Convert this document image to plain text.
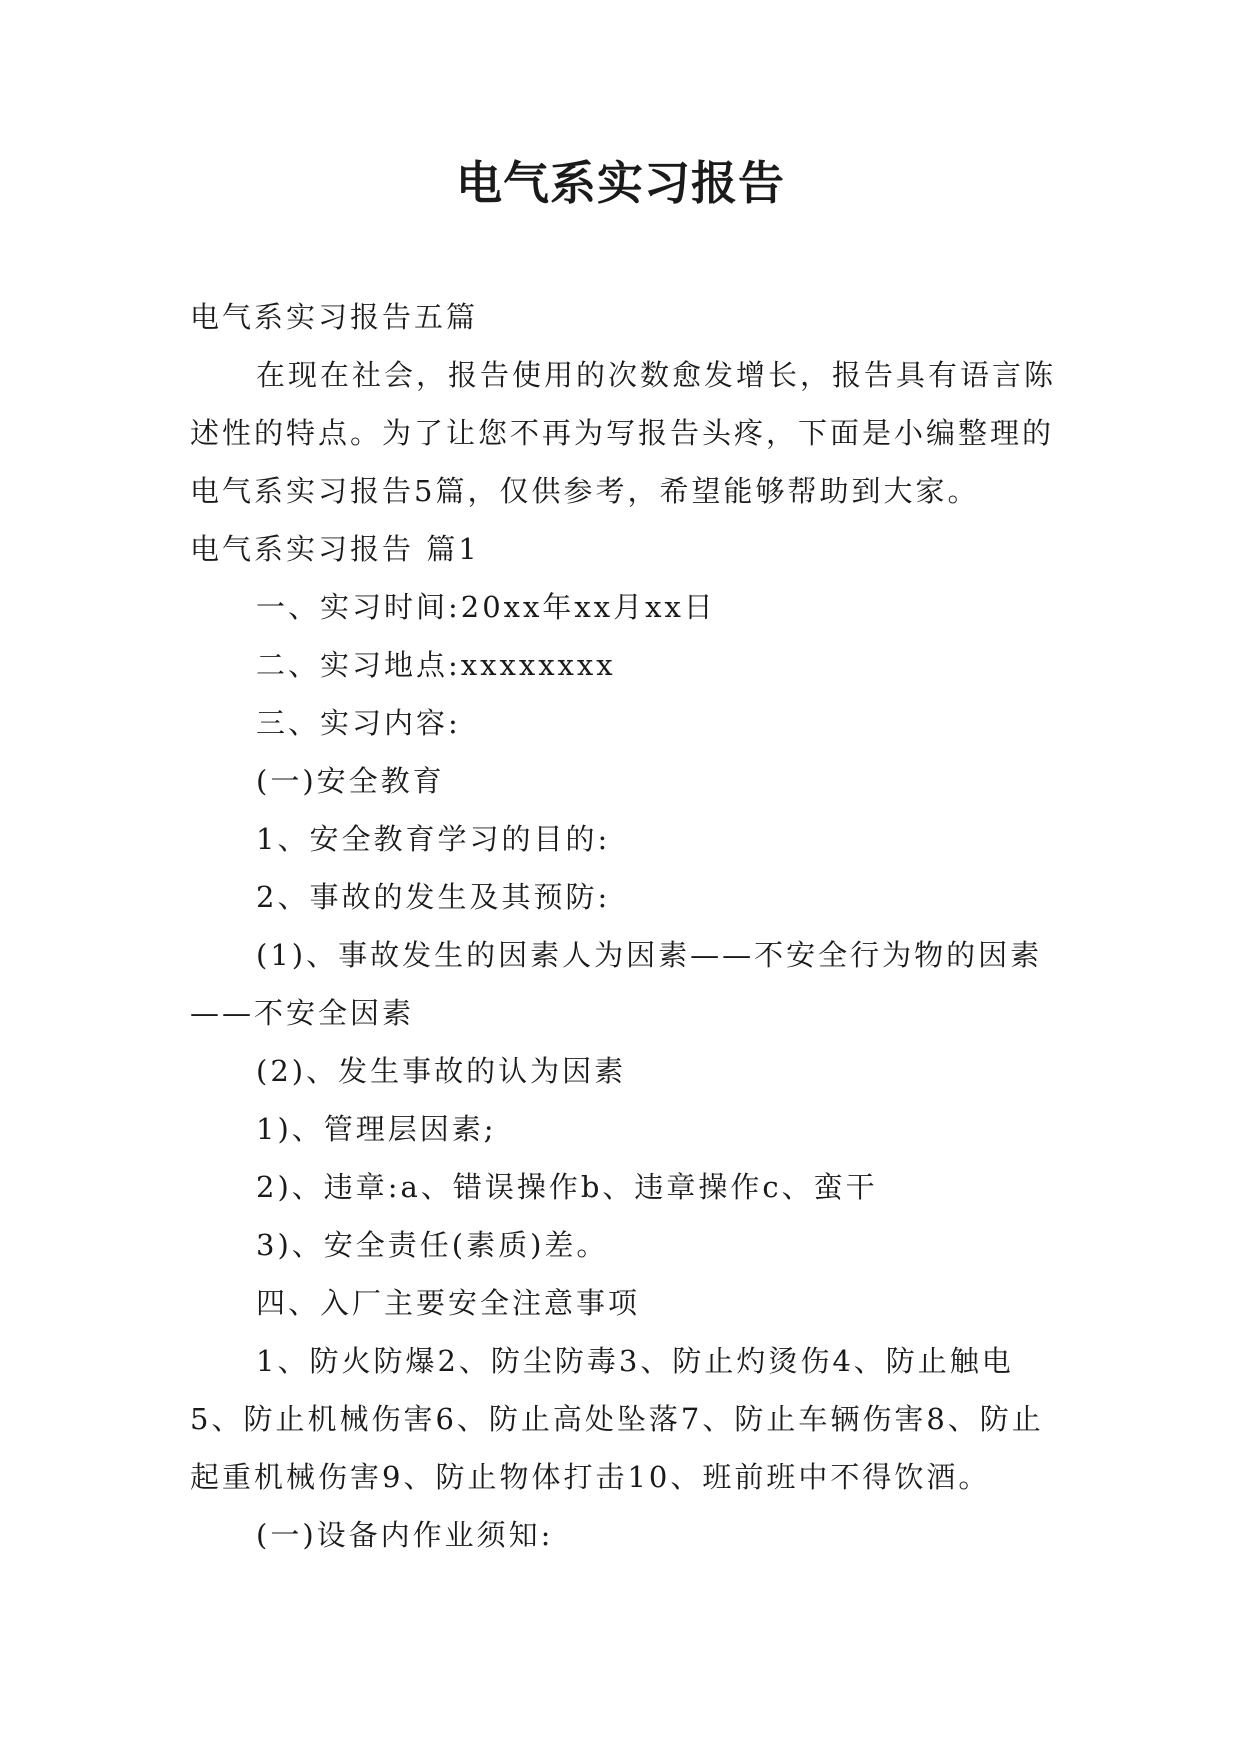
电气系实习报告

电气系实习报告五篇

在现在社会，报告使用的次数愈发增长，报告具有语言陈述性的特点。为了让您不再为写报告头疼，下面是小编整理的电气系实习报告5篇，仅供参考，希望能够帮助到大家。

电气系实习报告 篇1

一、实习时间:20xx年xx月xx日

二、实习地点:xxxxxxxx

三、实习内容:

(一)安全教育

1、安全教育学习的目的:

2、事故的发生及其预防:

(1)、事故发生的因素人为因素——不安全行为物的因素——不安全因素

(2)、发生事故的认为因素

1)、管理层因素;

2)、违章:a、错误操作b、违章操作c、蛮干

3)、安全责任(素质)差。

四、入厂主要安全注意事项

1、防火防爆2、防尘防毒3、防止灼烫伤4、防止触电5、防止机械伤害6、防止高处坠落7、防止车辆伤害8、防止起重机械伤害9、防止物体打击10、班前班中不得饮酒。

(一)设备内作业须知:
